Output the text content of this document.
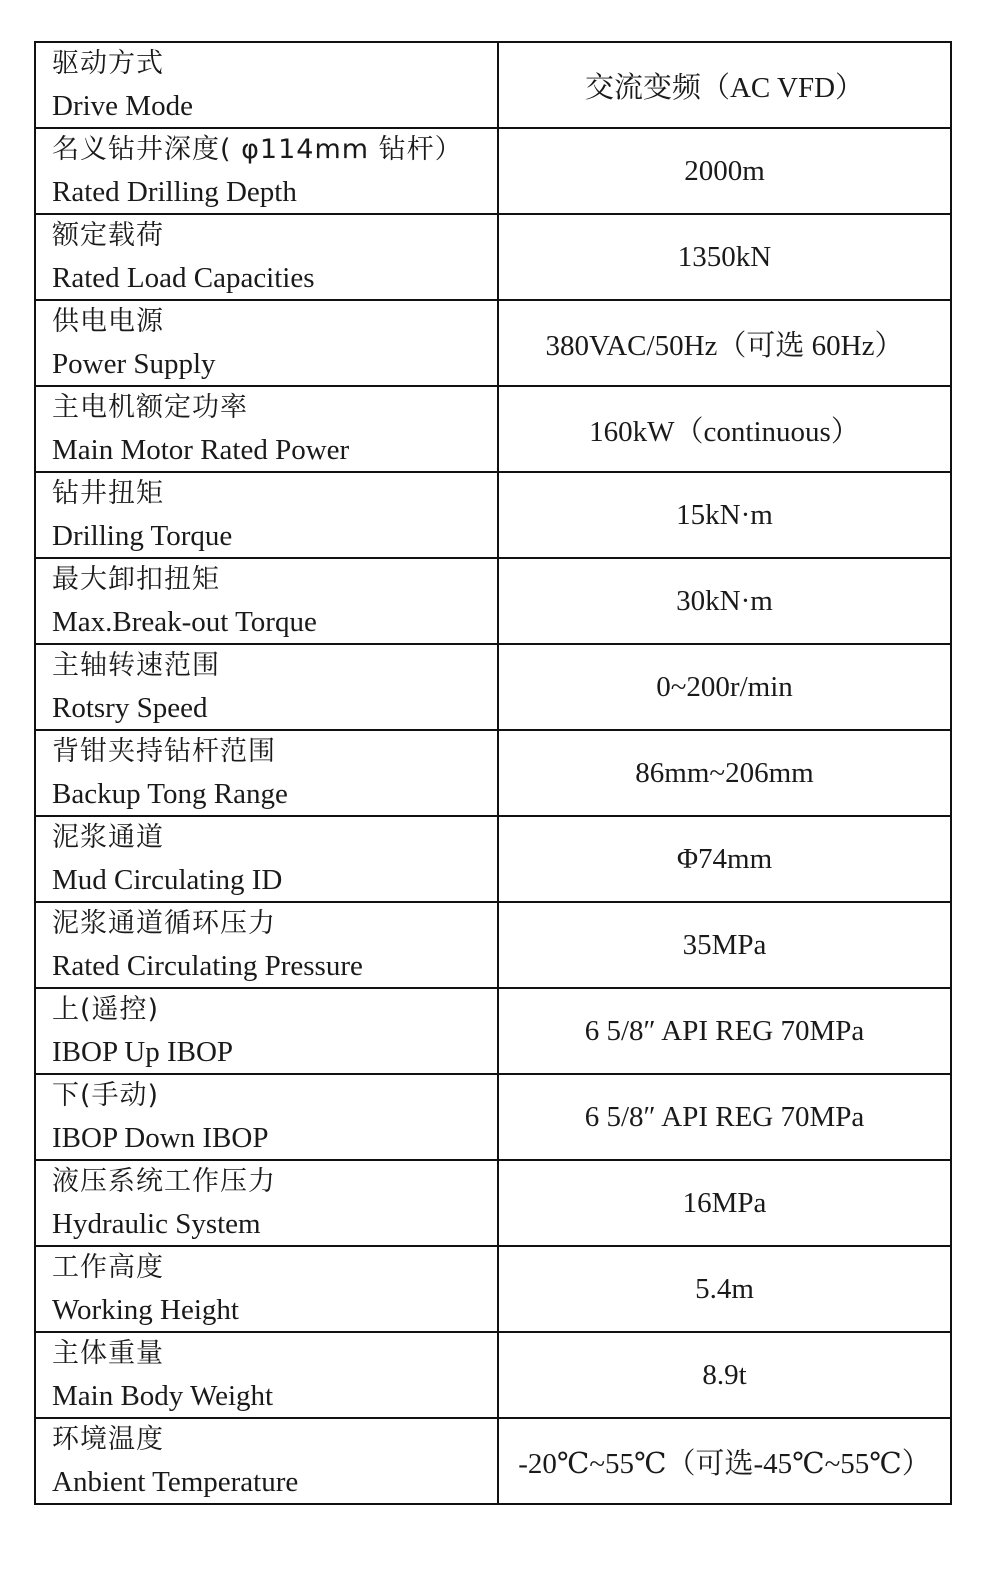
驱动方式
Drive Mode	交流变频（AC VFD）

名义钻井深度( φ114mm 钻杆）
Rated Drilling Depth	2000m

额定载荷
Rated Load Capacities	1350kN

供电电源
Power Supply	380VAC/50Hz（可选 60Hz）

主电机额定功率
Main Motor Rated Power	160kW（continuous）

钻井扭矩
Drilling Torque	15kN·m

最大卸扣扭矩
Max.Break-out Torque	30kN·m

主轴转速范围
Rotsry Speed	0~200r/min

背钳夹持钻杆范围
Backup Tong Range	86mm~206mm

泥浆通道
Mud Circulating ID	Φ74mm

泥浆通道循环压力
Rated Circulating Pressure	35MPa

上(遥控)
IBOP Up IBOP	6 5/8″ API REG 70MPa

下(手动)
IBOP Down IBOP	6 5/8″ API REG 70MPa

液压系统工作压力
Hydraulic System	16MPa

工作高度
Working Height	5.4m

主体重量
Main Body Weight	8.9t

环境温度
Anbient Temperature	-20℃~55℃（可选-45℃~55℃）
